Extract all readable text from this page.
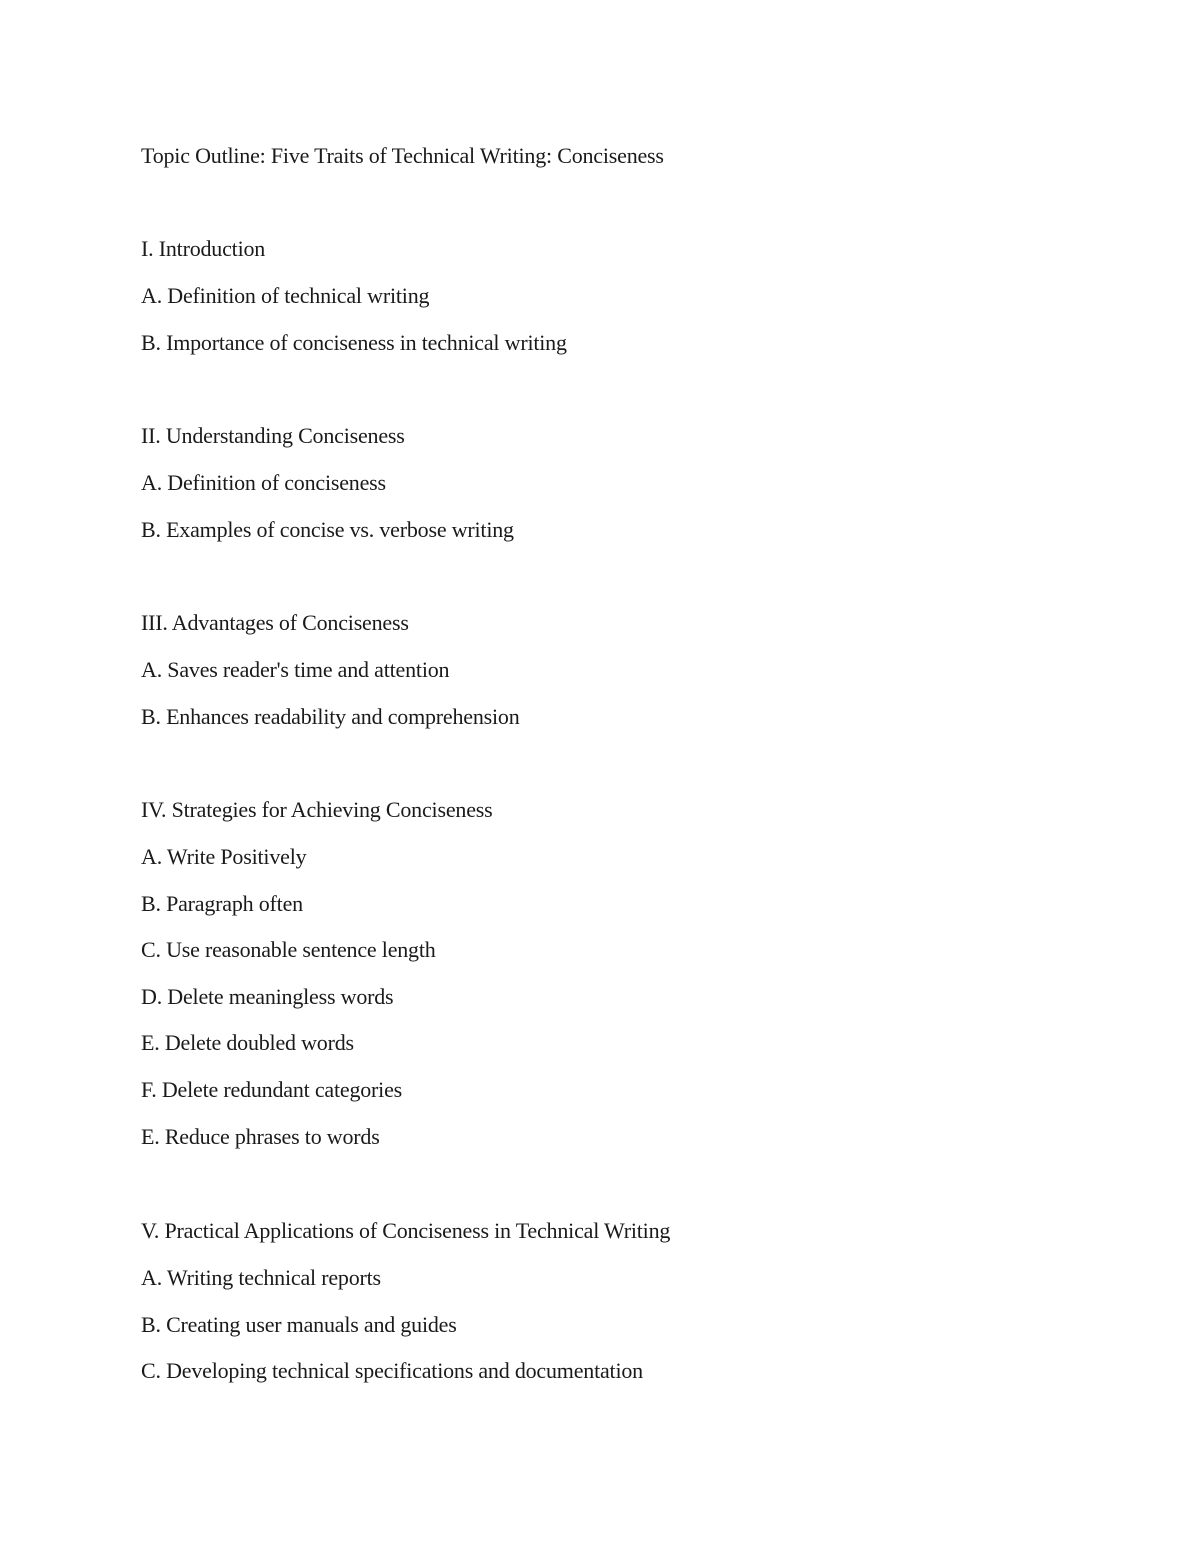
Topic Outline: Five Traits of Technical Writing: Conciseness
I. Introduction
A. Definition of technical writing
B. Importance of conciseness in technical writing
II. Understanding Conciseness
A. Definition of conciseness
B. Examples of concise vs. verbose writing
III. Advantages of Conciseness
A. Saves reader's time and attention
B. Enhances readability and comprehension
IV. Strategies for Achieving Conciseness
A. Write Positively
B. Paragraph often
C. Use reasonable sentence length
D. Delete meaningless words
E. Delete doubled words
F. Delete redundant categories
E. Reduce phrases to words
V. Practical Applications of Conciseness in Technical Writing
A. Writing technical reports
B. Creating user manuals and guides
C. Developing technical specifications and documentation
